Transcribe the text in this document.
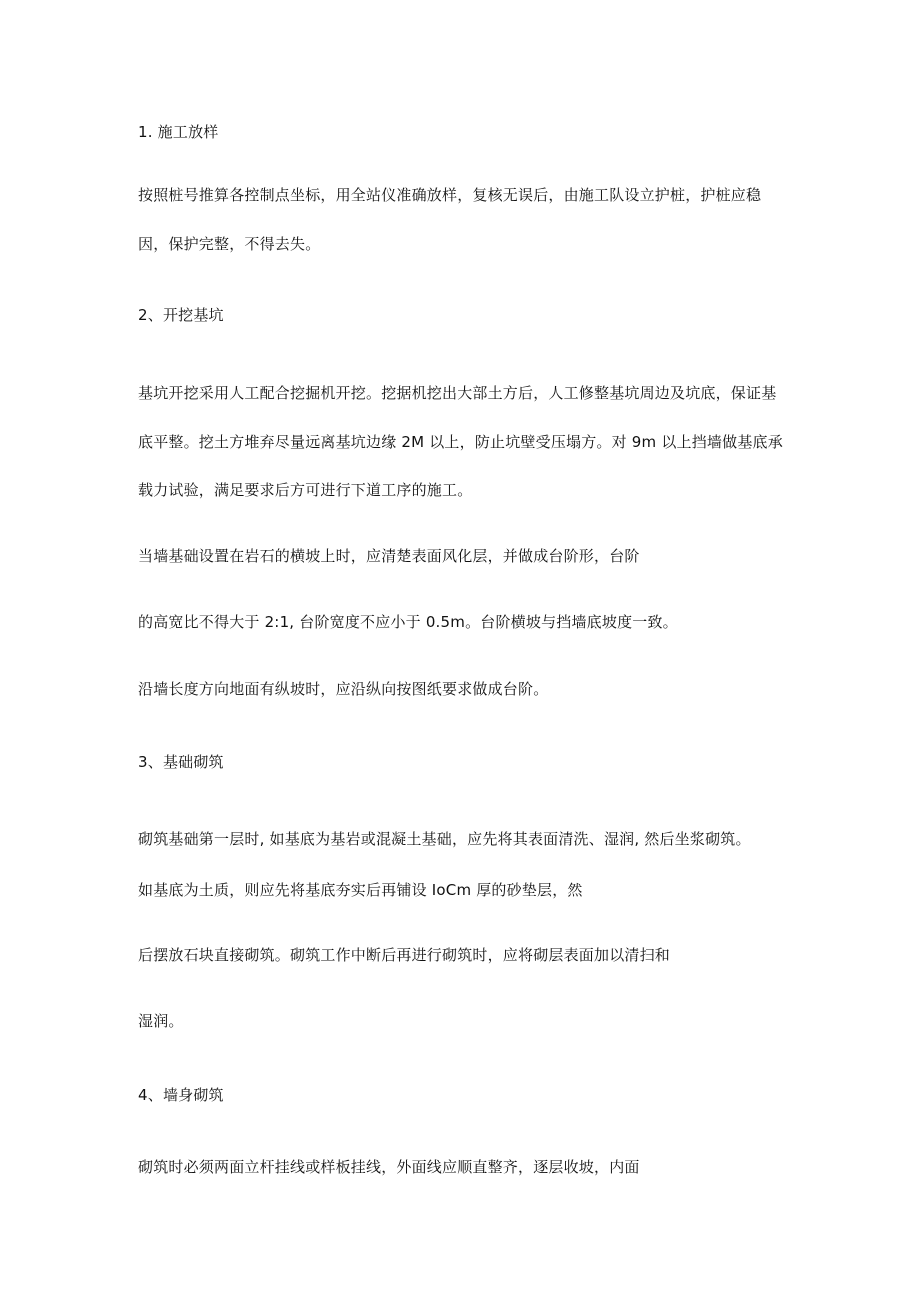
1. 施工放样
按照桩号推算各控制点坐标，用全站仪准确放样，复核无误后，由施工队设立护桩，护桩应稳
因，保护完整，不得去失。
2、开挖基坑
基坑开挖采用人工配合挖掘机开挖。挖据机挖出大部土方后，人工修整基坑周边及坑底，保证基
底平整。挖土方堆弃尽量远离基坑边缘 2M 以上，防止坑壁受压塌方。对 9m 以上挡墙做基底承
载力试验，满足要求后方可进行下道工序的施工。
当墙基础设置在岩石的横坡上时，应清楚表面风化层，并做成台阶形，台阶
的高宽比不得大于 2:1, 台阶宽度不应小于 0.5m。台阶横坡与挡墙底坡度一致。
沿墙长度方向地面有纵坡时，应沿纵向按图纸要求做成台阶。
3、基础砌筑
砌筑基础第一层时, 如基底为基岩或混凝土基础，应先将其表面清洗、湿润, 然后坐浆砌筑。
如基底为土质，则应先将基底夯实后再铺设 IoCm 厚的砂垫层，然
后摆放石块直接砌筑。砌筑工作中断后再进行砌筑时，应将砌层表面加以清扫和
湿润。
4、墙身砌筑
砌筑时必须两面立杆挂线或样板挂线，外面线应顺直整齐，逐层收坡，内面
